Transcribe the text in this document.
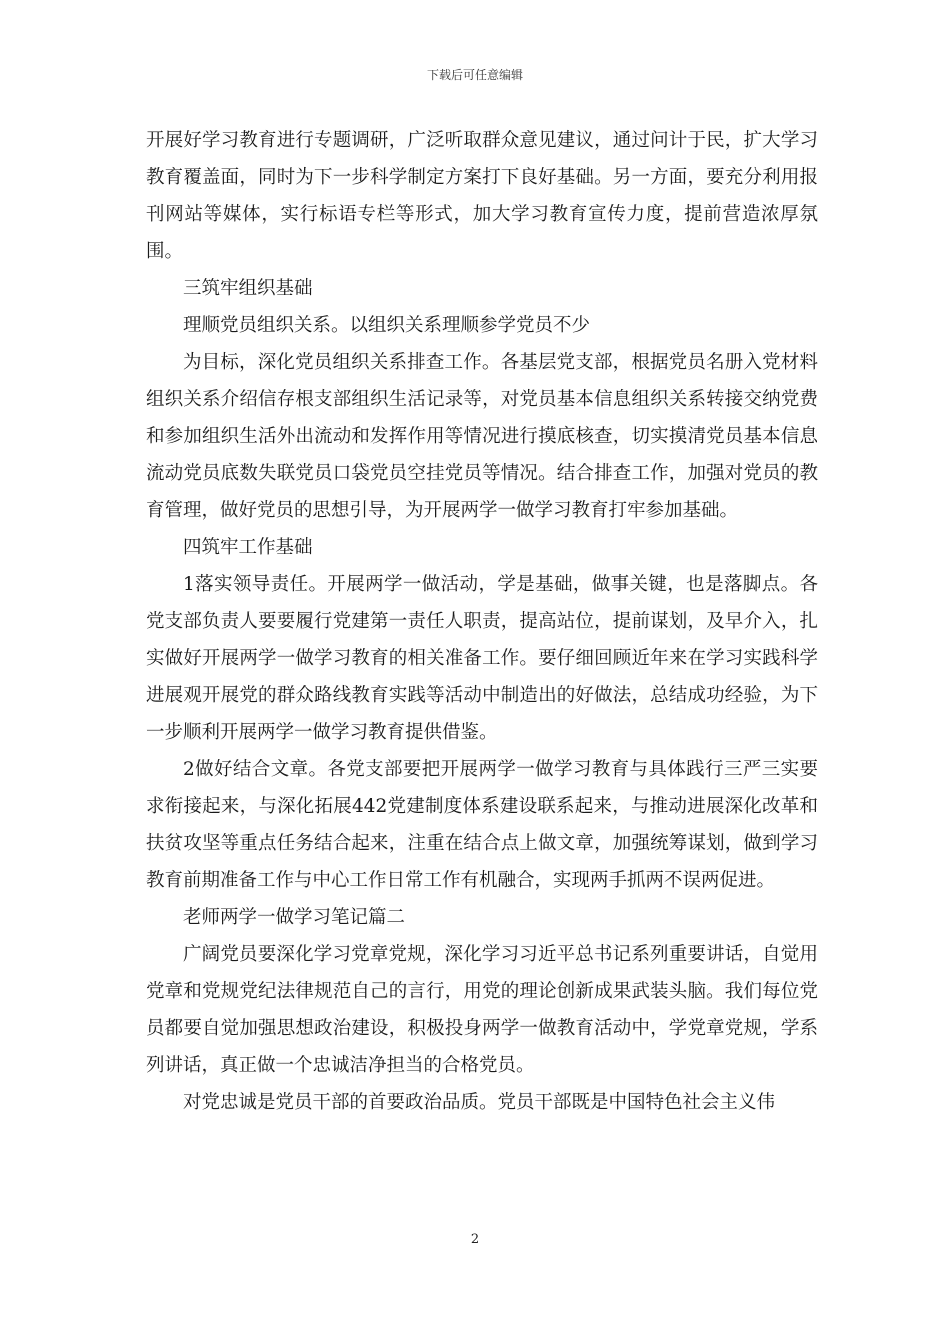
下载后可任意编辑

开展好学习教育进行专题调研，广泛听取群众意见建议，通过问计于民，扩大学习教育覆盖面，同时为下一步科学制定方案打下良好基础。另一方面，要充分利用报刊网站等媒体，实行标语专栏等形式，加大学习教育宣传力度，提前营造浓厚氛围。

三筑牢组织基础

理顺党员组织关系。以组织关系理顺参学党员不少

为目标，深化党员组织关系排查工作。各基层党支部，根据党员名册入党材料组织关系介绍信存根支部组织生活记录等，对党员基本信息组织关系转接交纳党费和参加组织生活外出流动和发挥作用等情况进行摸底核查，切实摸清党员基本信息流动党员底数失联党员口袋党员空挂党员等情况。结合排查工作，加强对党员的教育管理，做好党员的思想引导，为开展两学一做学习教育打牢参加基础。

四筑牢工作基础

1落实领导责任。开展两学一做活动，学是基础，做事关键，也是落脚点。各党支部负责人要要履行党建第一责任人职责，提高站位，提前谋划，及早介入，扎实做好开展两学一做学习教育的相关准备工作。要仔细回顾近年来在学习实践科学进展观开展党的群众路线教育实践等活动中制造出的好做法，总结成功经验，为下一步顺利开展两学一做学习教育提供借鉴。

2做好结合文章。各党支部要把开展两学一做学习教育与具体践行三严三实要求衔接起来，与深化拓展442党建制度体系建设联系起来，与推动进展深化改革和扶贫攻坚等重点任务结合起来，注重在结合点上做文章，加强统筹谋划，做到学习教育前期准备工作与中心工作日常工作有机融合，实现两手抓两不误两促进。

老师两学一做学习笔记篇二

广阔党员要深化学习党章党规，深化学习习近平总书记系列重要讲话，自觉用党章和党规党纪法律规范自己的言行，用党的理论创新成果武装头脑。我们每位党员都要自觉加强思想政治建设，积极投身两学一做教育活动中，学党章党规，学系列讲话，真正做一个忠诚洁净担当的合格党员。

对党忠诚是党员干部的首要政治品质。党员干部既是中国特色社会主义伟

2
